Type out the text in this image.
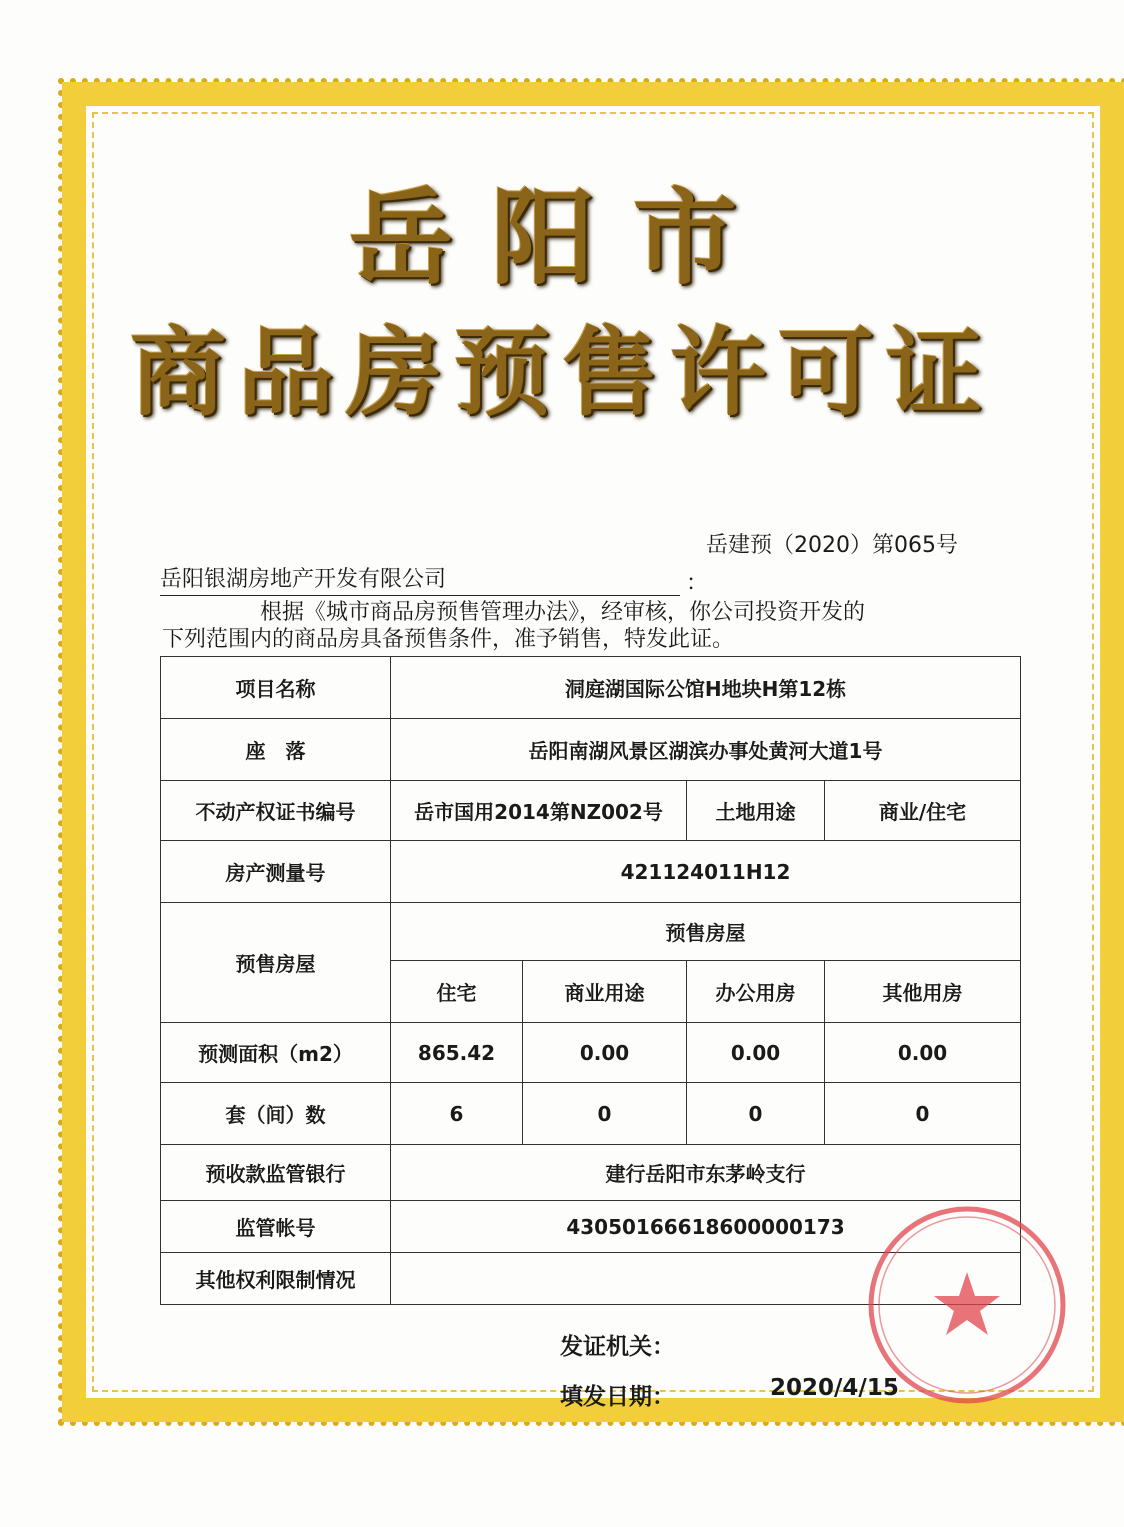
岳阳市
商品房预售许可证
岳建预（2020）第065号
岳阳银湖房地产开发有限公司	：
根据《城市商品房预售管理办法》，经审核，你公司投资开发的
下列范围内的商品房具备预售条件，准予销售，特发此证。
项目名称	洞庭湖国际公馆H地块H第12栋			
座　落	岳阳南湖风景区湖滨办事处黄河大道1号			
不动产权证书编号	岳市国用2014第NZ002号		土地用途	商业/住宅
房产测量号	421124011H12			
预售房屋	预售房屋			
	住宅	商业用途	办公用房	其他用房
预测面积（m2）	865.42	0.00	0.00	0.00
套（间）数	6	0	0	0
预收款监管银行	建行岳阳市东茅岭支行			
监管帐号	43050166618600000173			
其他权利限制情况				
发证机关：
填发日期：	2020/4/15
